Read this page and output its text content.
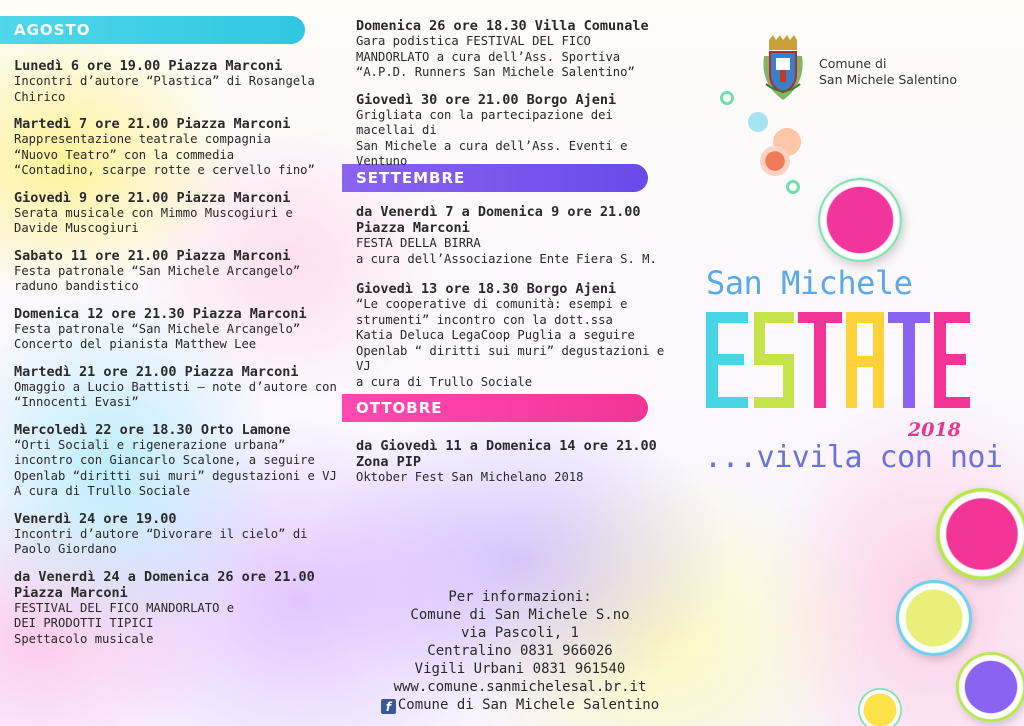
AGOSTO
SETTEMBRE
OTTOBRE
Lunedì 6 ore 19.00 Piazza Marconi
Incontri d’autore “Plastica” di Rosangela
Chirico
Martedì 7 ore 21.00 Piazza Marconi
Rappresentazione teatrale compagnia
“Nuovo Teatro” con la commedia
“Contadino, scarpe rotte e cervello fino”
Giovedì 9 ore 21.00 Piazza Marconi
Serata musicale con Mimmo Muscogiuri e
Davide Muscogiuri
Sabato 11 ore 21.00 Piazza Marconi
Festa patronale “San Michele Arcangelo”
raduno bandistico
Domenica 12 ore 21.30 Piazza Marconi
Festa patronale “San Michele Arcangelo”
Concerto del pianista Matthew Lee
Martedì 21 ore 21.00 Piazza Marconi
Omaggio a Lucio Battisti – note d’autore con
“Innocenti Evasi”
Mercoledì 22 ore 18.30 Orto Lamone
“Orti Sociali e rigenerazione urbana”
incontro con Giancarlo Scalone, a seguire
Openlab “diritti sui muri” degustazioni e VJ
A cura di Trullo Sociale
Venerdì 24 ore 19.00
Incontri d’autore “Divorare il cielo” di
Paolo Giordano
da Venerdì 24 a Domenica 26 ore 21.00
Piazza Marconi
FESTIVAL DEL FICO MANDORLATO e
DEI PRODOTTI TIPICI
Spettacolo musicale
Domenica 26 ore 18.30 Villa Comunale
Gara podistica FESTIVAL DEL FICO
MANDORLATO a cura dell’Ass. Sportiva
“A.P.D. Runners San Michele Salentino”
Giovedì 30 ore 21.00 Borgo Ajeni
Grigliata con la partecipazione dei macellai di
San Michele a cura dell’Ass. Eventi e Ventuno
da Venerdì 7 a Domenica 9 ore 21.00
Piazza Marconi
FESTA DELLA BIRRA
a cura dell’Associazione Ente Fiera S. M.
Giovedì 13 ore 18.30 Borgo Ajeni
“Le cooperative di comunità: esempi e
strumenti” incontro con la dott.ssa
Katia Deluca LegaCoop Puglia a seguire
Openlab “ diritti sui muri” degustazioni e VJ
a cura di Trullo Sociale
da Giovedì 11 a Domenica 14 ore 21.00
Zona PIP
Oktober Fest San Michelano 2018
Per informazioni:
Comune di San Michele S.no
via Pascoli, 1
Centralino 0831 966026
Vigili Urbani 0831 961540
www.comune.sanmichelesal.br.it
f Comune di San Michele Salentino
Comune di
San Michele Salentino
San Michele
2018
...vivila con noi
